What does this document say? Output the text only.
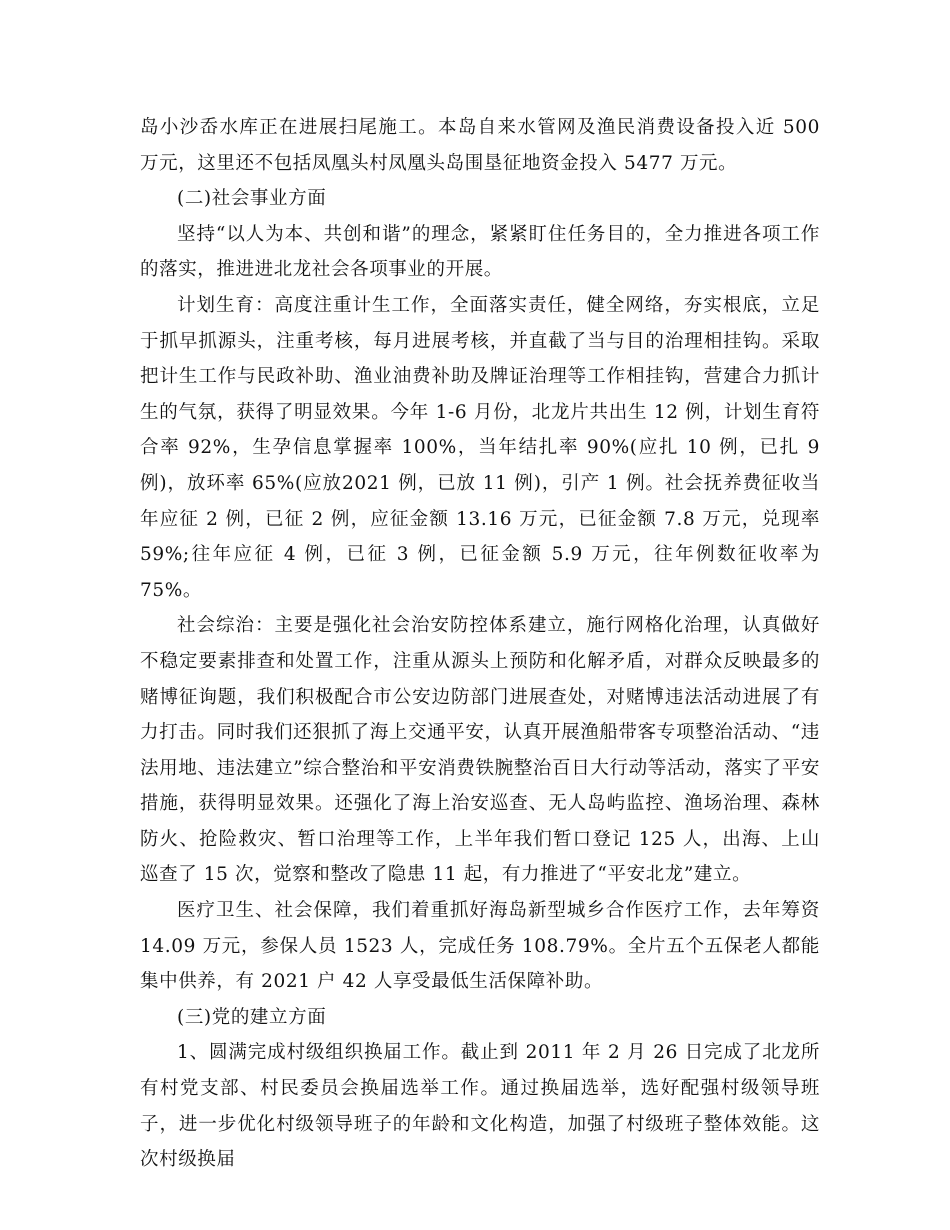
岛小沙岙水库正在进展扫尾施工。本岛自来水管网及渔民消费设备投入近 500 万元，这里还不包括凤凰头村凤凰头岛围垦征地资金投入 5477 万元。

(二)社会事业方面

坚持“以人为本、共创和谐”的理念，紧紧盯住任务目的，全力推进各项工作的落实，推进进北龙社会各项事业的开展。

计划生育：高度注重计生工作，全面落实责任，健全网络，夯实根底，立足于抓早抓源头，注重考核，每月进展考核，并直截了当与目的治理相挂钩。采取把计生工作与民政补助、渔业油费补助及牌证治理等工作相挂钩，营建合力抓计生的气氛，获得了明显效果。今年 1-6 月份，北龙片共出生 12 例，计划生育符合率 92%，生孕信息掌握率 100%，当年结扎率 90%(应扎 10 例，已扎 9 例)，放环率 65%(应放2021 例，已放 11 例)，引产 1 例。社会抚养费征收当年应征 2 例，已征 2 例，应征金额 13.16 万元，已征金额 7.8 万元，兑现率 59%;往年应征 4 例，已征 3 例，已征金额 5.9 万元，往年例数征收率为 75%。

社会综治：主要是强化社会治安防控体系建立，施行网格化治理，认真做好不稳定要素排查和处置工作，注重从源头上预防和化解矛盾，对群众反映最多的赌博征询题，我们积极配合市公安边防部门进展查处，对赌博违法活动进展了有力打击。同时我们还狠抓了海上交通平安，认真开展渔船带客专项整治活动、“违法用地、违法建立”综合整治和平安消费铁腕整治百日大行动等活动，落实了平安措施，获得明显效果。还强化了海上治安巡查、无人岛屿监控、渔场治理、森林防火、抢险救灾、暂口治理等工作，上半年我们暂口登记 125 人，出海、上山巡查了 15 次，觉察和整改了隐患 11 起，有力推进了“平安北龙”建立。

医疗卫生、社会保障，我们着重抓好海岛新型城乡合作医疗工作，去年筹资14.09 万元，参保人员 1523 人，完成任务 108.79%。全片五个五保老人都能集中供养，有 2021 户 42 人享受最低生活保障补助。

(三)党的建立方面

1、圆满完成村级组织换届工作。截止到 2011 年 2 月 26 日完成了北龙所有村党支部、村民委员会换届选举工作。通过换届选举，选好配强村级领导班子，进一步优化村级领导班子的年龄和文化构造，加强了村级班子整体效能。这次村级换届
